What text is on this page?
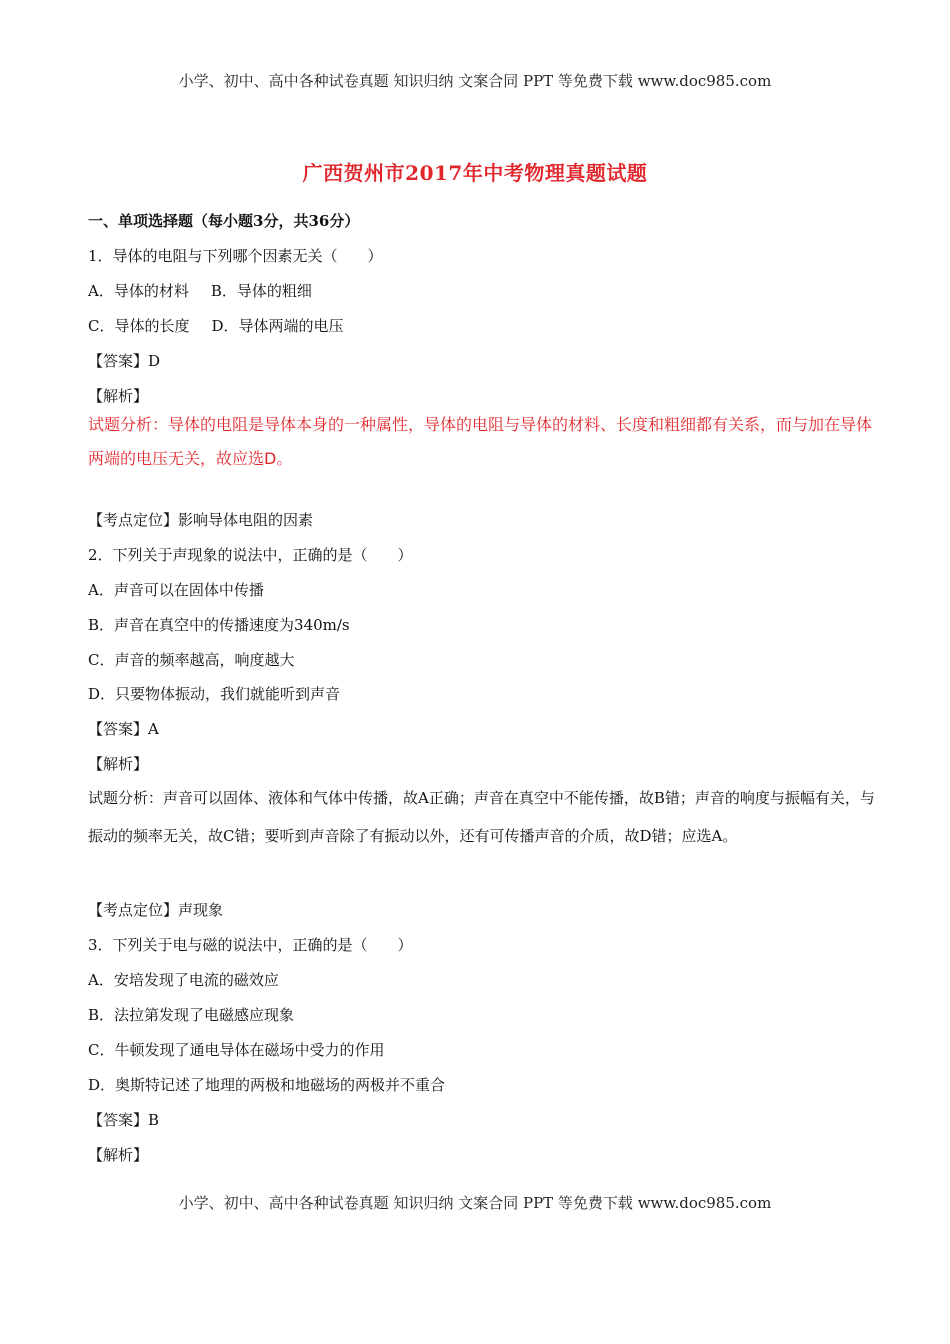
小学、初中、高中各种试卷真题 知识归纳 文案合同 PPT 等免费下载 www.doc985.com
广西贺州市2017年中考物理真题试题
一、单项选择题（每小题3分，共36分）
1．导体的电阻与下列哪个因素无关（　　）
A．导体的材料 B．导体的粗细
C．导体的长度 D．导体两端的电压
【答案】D
【解析】
试题分析：导体的电阻是导体本身的一种属性，导体的电阻与导体的材料、长度和粗细都有关系，而与加在导体两端的电压无关，故应选D。
【考点定位】影响导体电阻的因素
2．下列关于声现象的说法中，正确的是（　　）
A．声音可以在固体中传播
B．声音在真空中的传播速度为340m/s
C．声音的频率越高，响度越大
D．只要物体振动，我们就能听到声音
【答案】A
【解析】
试题分析：声音可以固体、液体和气体中传播，故A正确；声音在真空中不能传播，故B错；声音的响度与振幅有关，与振动的频率无关，故C错；要听到声音除了有振动以外，还有可传播声音的介质，故D错；应选A。
【考点定位】声现象
3．下列关于电与磁的说法中，正确的是（　　）
A．安培发现了电流的磁效应
B．法拉第发现了电磁感应现象
C．牛顿发现了通电导体在磁场中受力的作用
D．奥斯特记述了地理的两极和地磁场的两极并不重合
【答案】B
【解析】
小学、初中、高中各种试卷真题 知识归纳 文案合同 PPT 等免费下载 www.doc985.com
